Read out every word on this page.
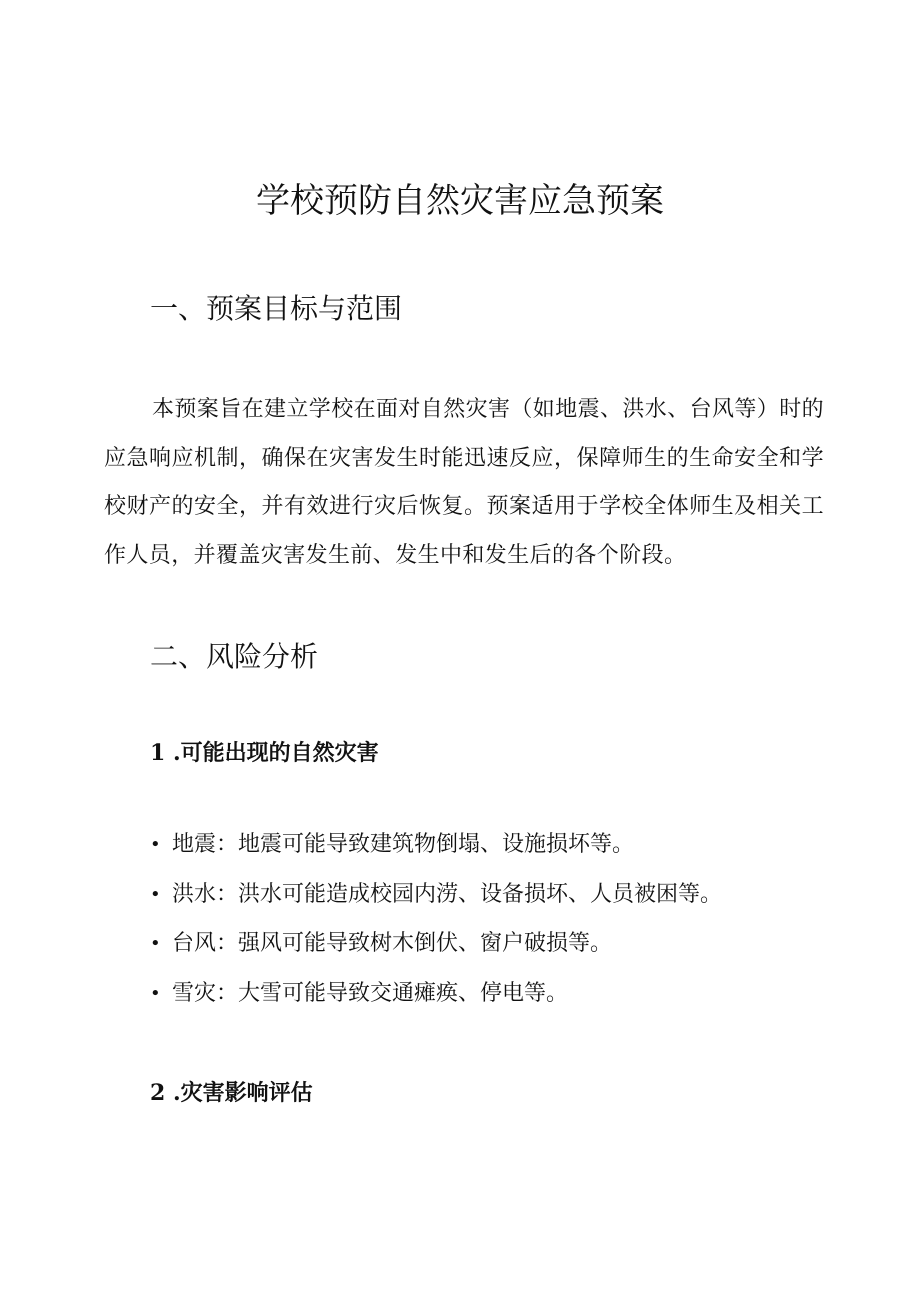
学校预防自然灾害应急预案
一、预案目标与范围

本预案旨在建立学校在面对自然灾害（如地震、洪水、台风等）时的应急响应机制，确保在灾害发生时能迅速反应，保障师生的生命安全和学校财产的安全，并有效进行灾后恢复。预案适用于学校全体师生及相关工作人员，并覆盖灾害发生前、发生中和发生后的各个阶段。

二、风险分析
1 .可能出现的自然灾害
• 地震：地震可能导致建筑物倒塌、设施损坏等。
• 洪水：洪水可能造成校园内涝、设备损坏、人员被困等。
• 台风：强风可能导致树木倒伏、窗户破损等。
• 雪灾：大雪可能导致交通瘫痪、停电等。
2 .灾害影响评估
